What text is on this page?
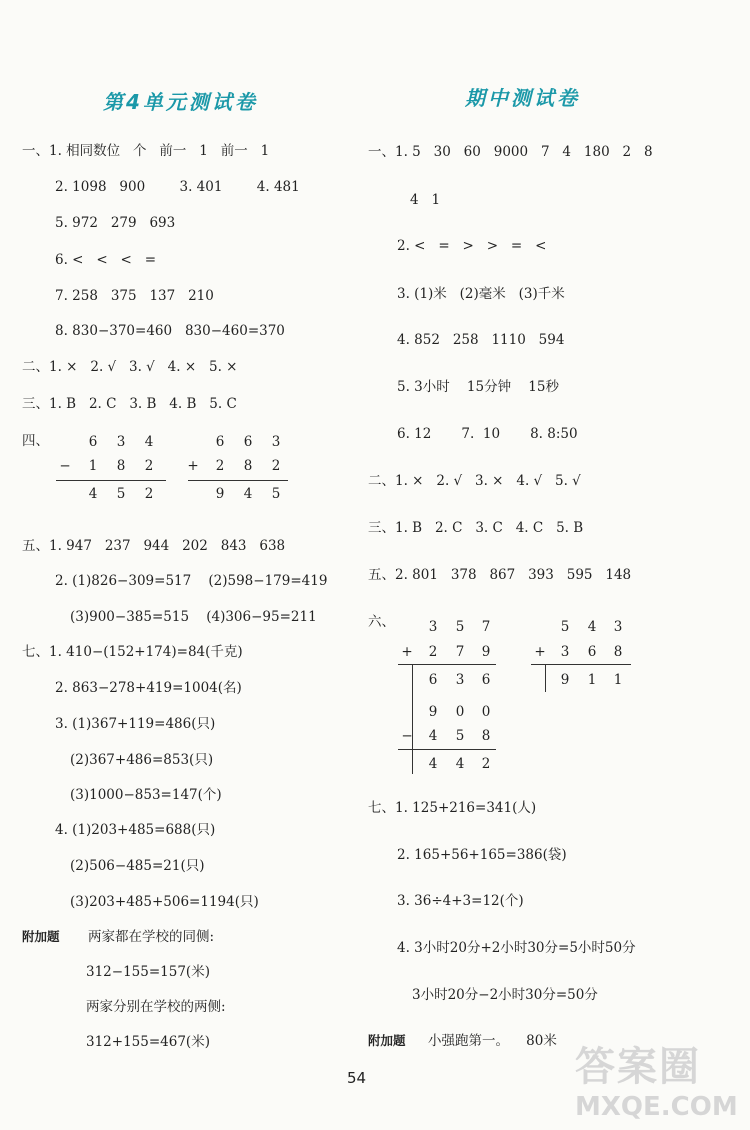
第4单元测试卷
一、1. 相同数位   个   前一   1   前一   1
2. 1098   900        3. 401        4. 481
5. 972   279   693
6. <   <   <   =
7. 258   375   137   210
8. 830−370=460   830−460=370
二、1. ×   2. √   3. √   4. ×   5. ×
三、1. B   2. C   3. B   4. B   5. C
四、	6 3 4
− 1 8 2
4 5 2
6 6 3
+ 2 8 2
9 4 5
五、1. 947   237   944   202   843   638
2. (1)826−309=517    (2)598−179=419
(3)900−385=515    (4)306−95=211
七、1. 410−(152+174)=84(千克)
2. 863−278+419=1004(名)
3. (1)367+119=486(只)
(2)367+486=853(只)
(3)1000−853=147(个)
4. (1)203+485=688(只)
(2)506−485=21(只)
(3)203+485+506=1194(只)
附加题 两家都在学校的同侧:
312−155=157(米)
两家分别在学校的两侧:
312+155=467(米)
期中测试卷
一、1. 5   30   60   9000   7   4   180   2   8
4   1
2. <   =   >   >   =   <
3. (1)米   (2)毫米   (3)千米
4. 852   258   1110   594
5. 3小时    15分钟    15秒
6. 12       7.  10       8. 8:50
二、1. ×   2. √   3. ×   4. √   5. √
三、1. B   2. C   3. C   4. C   5. B
五、2. 801   378   867   393   595   148
六、 3 5 7
+ 2 7 9
6 3 6
9 0 0
− 4 5 8
4 4 2
5 4 3
+ 3 6 8
9 1 1
七、1. 125+216=341(人)
2. 165+56+165=386(袋)
3. 36÷4+3=12(个)
4. 3小时20分+2小时30分=5小时50分
3小时20分−2小时30分=50分
附加题 小强跑第一。    80米
54	答案圈
MXQE.COM
